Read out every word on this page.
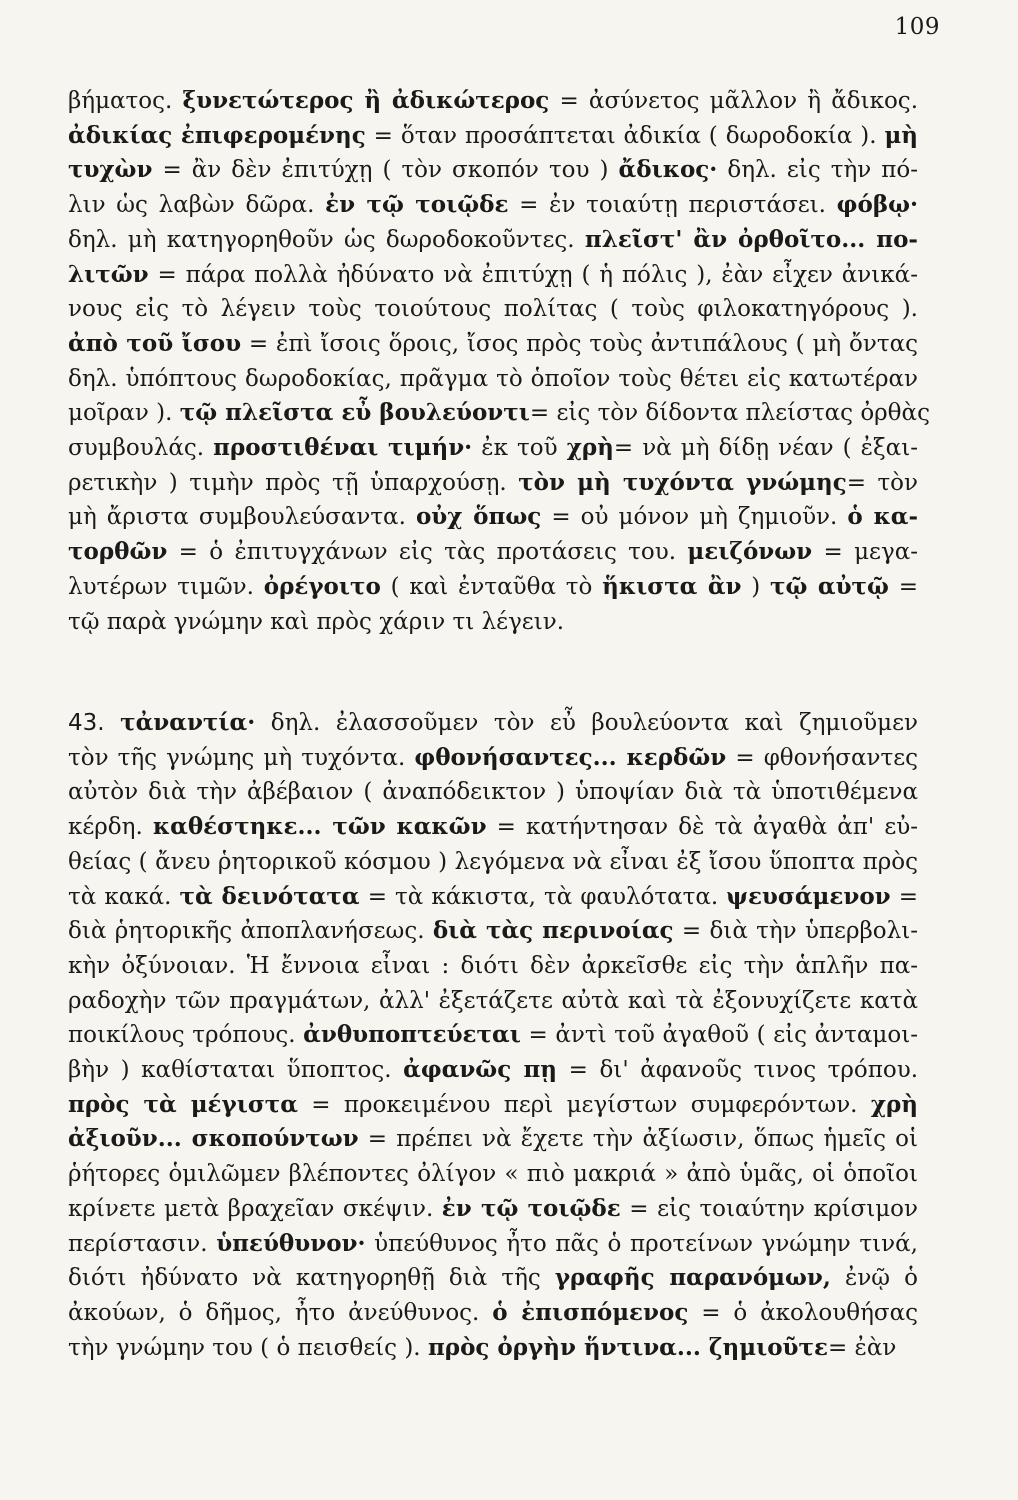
109
βήματος. ξυνετώτερος ἢ ἀδικώτερος = ἀσύνετος μᾶλλον ἢ ἄδικος.
ἀδικίας ἐπιφερομένης = ὅταν προσάπτεται ἀδικία ( δωροδοκία ). μὴ
τυχὼν = ἂν δὲν ἐπιτύχῃ ( τὸν σκοπόν του ) ἄδικος· δηλ. εἰς τὴν πό-
λιν ὡς λαβὼν δῶρα. ἐν τῷ τοιῷδε = ἐν τοιαύτῃ περιστάσει. φόβῳ·
δηλ. μὴ κατηγορηθοῦν ὡς δωροδοκοῦντες. πλεῖστ' ἂν ὀρθοῖτο... πο-
λιτῶν = πάρα πολλὰ ἠδύνατο νὰ ἐπιτύχῃ ( ἡ πόλις ), ἐὰν εἶχεν ἀνικά-
νους εἰς τὸ λέγειν τοὺς τοιούτους πολίτας ( τοὺς φιλοκατηγόρους ).
ἀπὸ τοῦ ἴσου = ἐπὶ ἴσοις ὅροις, ἴσος πρὸς τοὺς ἀντιπάλους ( μὴ ὄντας
δηλ. ὑπόπτους δωροδοκίας, πρᾶγμα τὸ ὁποῖον τοὺς θέτει εἰς κατωτέραν
μοῖραν ). τῷ πλεῖστα εὖ βουλεύοντι= εἰς τὸν δίδοντα πλείστας ὀρθὰς
συμβουλάς. προστιθέναι τιμήν· ἐκ τοῦ χρὴ= νὰ μὴ δίδῃ νέαν ( ἐξαι-
ρετικὴν ) τιμὴν πρὸς τῇ ὑπαρχούσῃ. τὸν μὴ τυχόντα γνώμης= τὸν
μὴ ἄριστα συμβουλεύσαντα. οὐχ ὅπως = οὐ μόνον μὴ ζημιοῦν. ὁ κα-
τορθῶν = ὁ ἐπιτυγχάνων εἰς τὰς προτάσεις του. μειζόνων = μεγα-
λυτέρων τιμῶν. ὀρέγοιτο ( καὶ ἐνταῦθα τὸ ἥκιστα ἂν ) τῷ αὐτῷ =
τῷ παρὰ γνώμην καὶ πρὸς χάριν τι λέγειν.
43. τἀναντία· δηλ. ἐλασσοῦμεν τὸν εὖ βουλεύοντα καὶ ζημιοῦμεν
τὸν τῆς γνώμης μὴ τυχόντα. φθονήσαντες... κερδῶν = φθονήσαντες
αὐτὸν διὰ τὴν ἀβέβαιον ( ἀναπόδεικτον ) ὑποψίαν διὰ τὰ ὑποτιθέμενα
κέρδη. καθέστηκε... τῶν κακῶν = κατήντησαν δὲ τὰ ἀγαθὰ ἀπ' εὐ-
θείας ( ἄνευ ῥητορικοῦ κόσμου ) λεγόμενα νὰ εἶναι ἐξ ἴσου ὕποπτα πρὸς
τὰ κακά. τὰ δεινότατα = τὰ κάκιστα, τὰ φαυλότατα. ψευσάμενον =
διὰ ῥητορικῆς ἀποπλανήσεως. διὰ τὰς περινοίας = διὰ τὴν ὑπερβολι-
κὴν ὀξύνοιαν. Ἡ ἔννοια εἶναι : διότι δὲν ἀρκεῖσθε εἰς τὴν ἁπλῆν πα-
ραδοχὴν τῶν πραγμάτων, ἀλλ' ἐξετάζετε αὐτὰ καὶ τὰ ἐξονυχίζετε κατὰ
ποικίλους τρόπους. ἀνθυποπτεύεται = ἀντὶ τοῦ ἀγαθοῦ ( εἰς ἀνταμοι-
βὴν ) καθίσταται ὕποπτος. ἀφανῶς πῃ = δι' ἀφανοῦς τινος τρόπου.
πρὸς τὰ μέγιστα = προκειμένου περὶ μεγίστων συμφερόντων. χρὴ
ἀξιοῦν... σκοπούντων = πρέπει νὰ ἔχετε τὴν ἀξίωσιν, ὅπως ἡμεῖς οἱ
ῥήτορες ὁμιλῶμεν βλέποντες ὀλίγον « πιὸ μακριά » ἀπὸ ὑμᾶς, οἱ ὁποῖοι
κρίνετε μετὰ βραχεῖαν σκέψιν. ἐν τῷ τοιῷδε = εἰς τοιαύτην κρίσιμον
περίστασιν. ὑπεύθυνον· ὑπεύθυνος ἦτο πᾶς ὁ προτείνων γνώμην τινά,
διότι ἠδύνατο νὰ κατηγορηθῇ διὰ τῆς γραφῆς παρανόμων, ἐνῷ ὁ
ἀκούων, ὁ δῆμος, ἦτο ἀνεύθυνος. ὁ ἐπισπόμενος = ὁ ἀκολουθήσας
τὴν γνώμην του ( ὁ πεισθείς ). πρὸς ὀργὴν ἥντινα... ζημιοῦτε= ἐὰν
